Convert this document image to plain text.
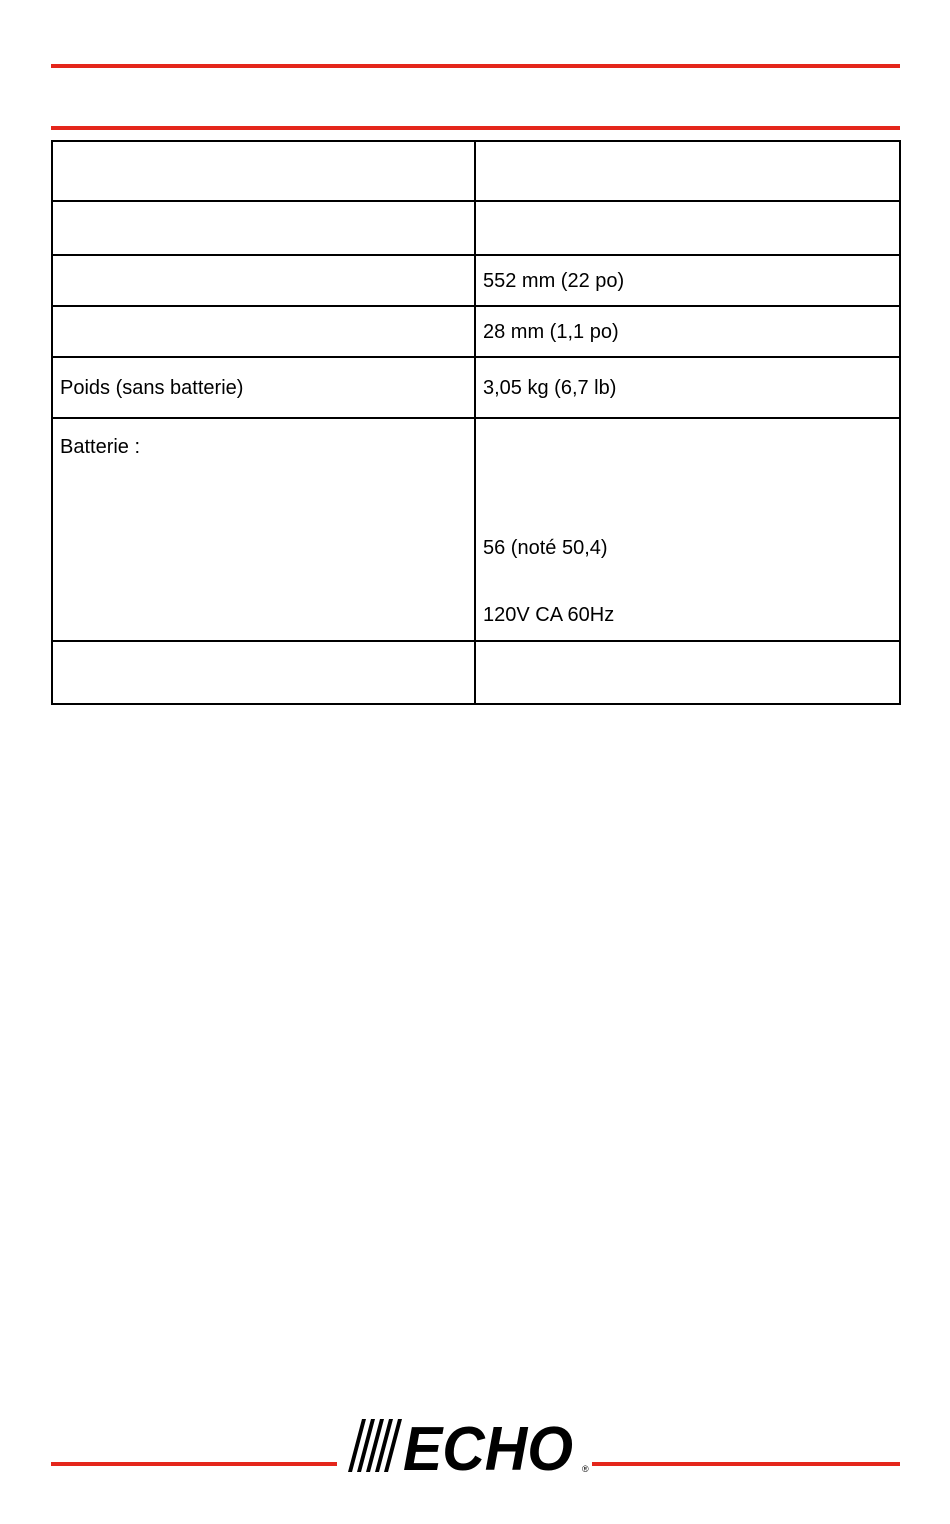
	552 mm (22 po)
	28 mm (1,1 po)
Poids (sans batterie)	3,05 kg (6,7 lb)
Batterie :	56 (noté 50,4)
120V CA 60Hz

ECHO ®
